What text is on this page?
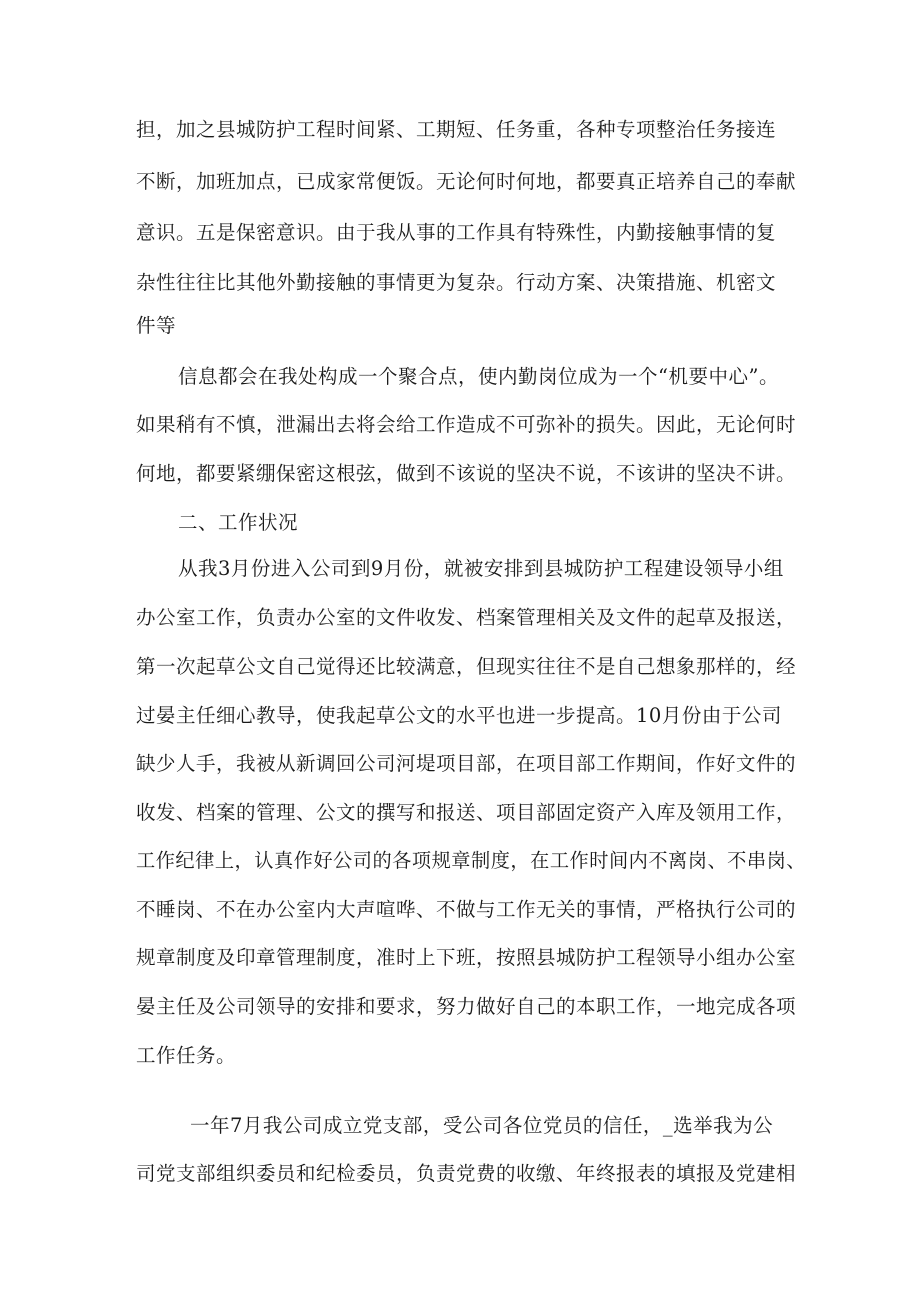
担，加之县城防护工程时间紧、工期短、任务重，各种专项整治任务接连
不断，加班加点，已成家常便饭。无论何时何地，都要真正培养自己的奉献
意识。五是保密意识。由于我从事的工作具有特殊性，内勤接触事情的复
杂性往往比其他外勤接触的事情更为复杂。行动方案、决策措施、机密文
件等
信息都会在我处构成一个聚合点，使内勤岗位成为一个“机要中心”。
如果稍有不慎，泄漏出去将会给工作造成不可弥补的损失。因此，无论何时
何地，都要紧绷保密这根弦，做到不该说的坚决不说，不该讲的坚决不讲。
二、工作状况
从我3月份进入公司到9月份，就被安排到县城防护工程建设领导小组
办公室工作，负责办公室的文件收发、档案管理相关及文件的起草及报送，
第一次起草公文自己觉得还比较满意，但现实往往不是自己想象那样的，经
过晏主任细心教导，使我起草公文的水平也进一步提高。10月份由于公司
缺少人手，我被从新调回公司河堤项目部，在项目部工作期间，作好文件的
收发、档案的管理、公文的撰写和报送、项目部固定资产入库及领用工作，
工作纪律上，认真作好公司的各项规章制度，在工作时间内不离岗、不串岗、
不睡岗、不在办公室内大声喧哗、不做与工作无关的事情，严格执行公司的
规章制度及印章管理制度，准时上下班，按照县城防护工程领导小组办公室
晏主任及公司领导的安排和要求，努力做好自己的本职工作，一地完成各项
工作任务。
一年7月我公司成立党支部，受公司各位党员的信任，_选举我为公
司党支部组织委员和纪检委员，负责党费的收缴、年终报表的填报及党建相
